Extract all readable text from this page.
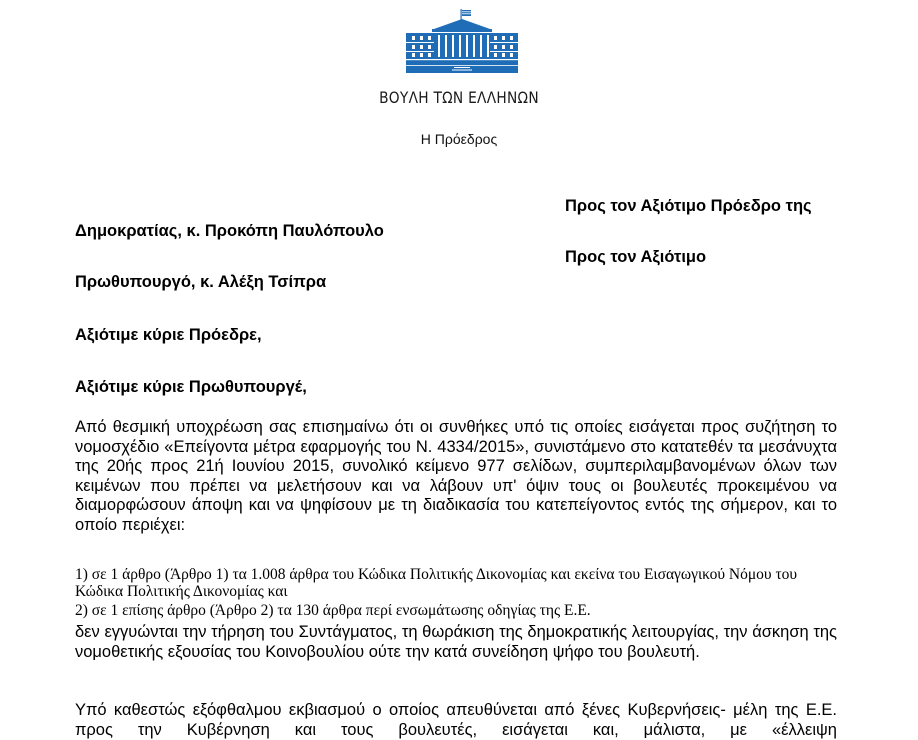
ΒΟΥΛΗ ΤΩΝ ΕΛΛΗΝΩΝ
Η Πρόεδρος
Προς τον Αξιότιμο Πρόεδρο της
Δημοκρατίας, κ. Προκόπη Παυλόπουλο
Προς τον Αξιότιμο
Πρωθυπουργό, κ. Αλέξη Τσίπρα
Αξιότιμε κύριε Πρόεδρε,
Αξιότιμε κύριε Πρωθυπουργέ,
Από θεσμική υποχρέωση σας επισημαίνω ότι οι συνθήκες υπό τις οποίες εισάγεται προς συζήτηση το νομοσχέδιο «Επείγοντα μέτρα εφαρμογής του Ν. 4334/2015», συνιστάμενο στο κατατεθέν τα μεσάνυχτα της 20ής προς 21ή Ιουνίου 2015, συνολικό κείμενο 977 σελίδων, συμπεριλαμβανομένων όλων των κειμένων που πρέπει να μελετήσουν και να λάβουν υπ' όψιν τους οι βουλευτές προκειμένου να διαμορφώσουν άποψη και να ψηφίσουν με τη διαδικασία του κατεπείγοντος εντός της σήμερον, και το οποίο περιέχει:
1) σε 1 άρθρο (Άρθρο 1) τα 1.008 άρθρα του Κώδικα Πολιτικής Δικονομίας και εκείνα του Εισαγωγικού Νόμου του Κώδικα Πολιτικής Δικονομίας και
2) σε 1 επίσης άρθρο (Άρθρο 2) τα 130 άρθρα περί ενσωμάτωσης οδηγίας της Ε.Ε.
δεν εγγυώνται την τήρηση του Συντάγματος, τη θωράκιση της δημοκρατικής λειτουργίας, την άσκηση της νομοθετικής εξουσίας του Κοινοβουλίου ούτε την κατά συνείδηση ψήφο του βουλευτή.
Υπό καθεστώς εξόφθαλμου εκβιασμού ο οποίος απευθύνεται από ξένες Κυβερνήσεις- μέλη της Ε.Ε. προς την Κυβέρνηση και τους βουλευτές, εισάγεται και, μάλιστα, με «έλλειψη
